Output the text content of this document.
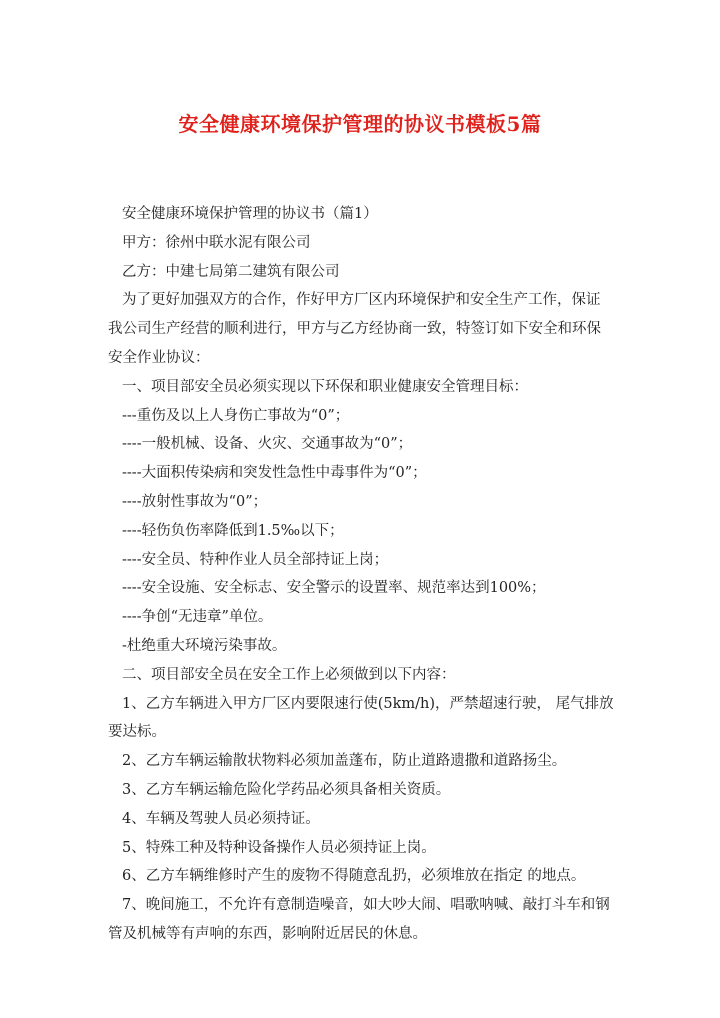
安全健康环境保护管理的协议书模板5篇
安全健康环境保护管理的协议书（篇1）
甲方：徐州中联水泥有限公司
乙方：中建七局第二建筑有限公司
为了更好加强双方的合作，作好甲方厂区内环境保护和安全生产工作，保证
我公司生产经营的顺利进行，甲方与乙方经协商一致，特签订如下安全和环保
安全作业协议：
一、项目部安全员必须实现以下环保和职业健康安全管理目标：
---重伤及以上人身伤亡事故为“0”；
----一般机械、设备、火灾、交通事故为“0”；
----大面积传染病和突发性急性中毒事件为“0”；
----放射性事故为“0”；
----轻伤负伤率降低到1.5‰以下；
----安全员、特种作业人员全部持证上岗；
----安全设施、安全标志、安全警示的设置率、规范率达到100%；
----争创“无违章”单位。
-杜绝重大环境污染事故。
二、项目部安全员在安全工作上必须做到以下内容：
1、乙方车辆进入甲方厂区内要限速行使(5km/h)，严禁超速行驶， 尾气排放
要达标。
2、乙方车辆运输散状物料必须加盖蓬布，防止道路遗撒和道路扬尘。
3、乙方车辆运输危险化学药品必须具备相关资质。
4、车辆及驾驶人员必须持证。
5、特殊工种及特种设备操作人员必须持证上岗。
6、乙方车辆维修时产生的废物不得随意乱扔，必须堆放在指定 的地点。
7、晚间施工，不允许有意制造噪音，如大吵大闹、唱歌呐喊、敲打斗车和钢
管及机械等有声响的东西，影响附近居民的休息。
